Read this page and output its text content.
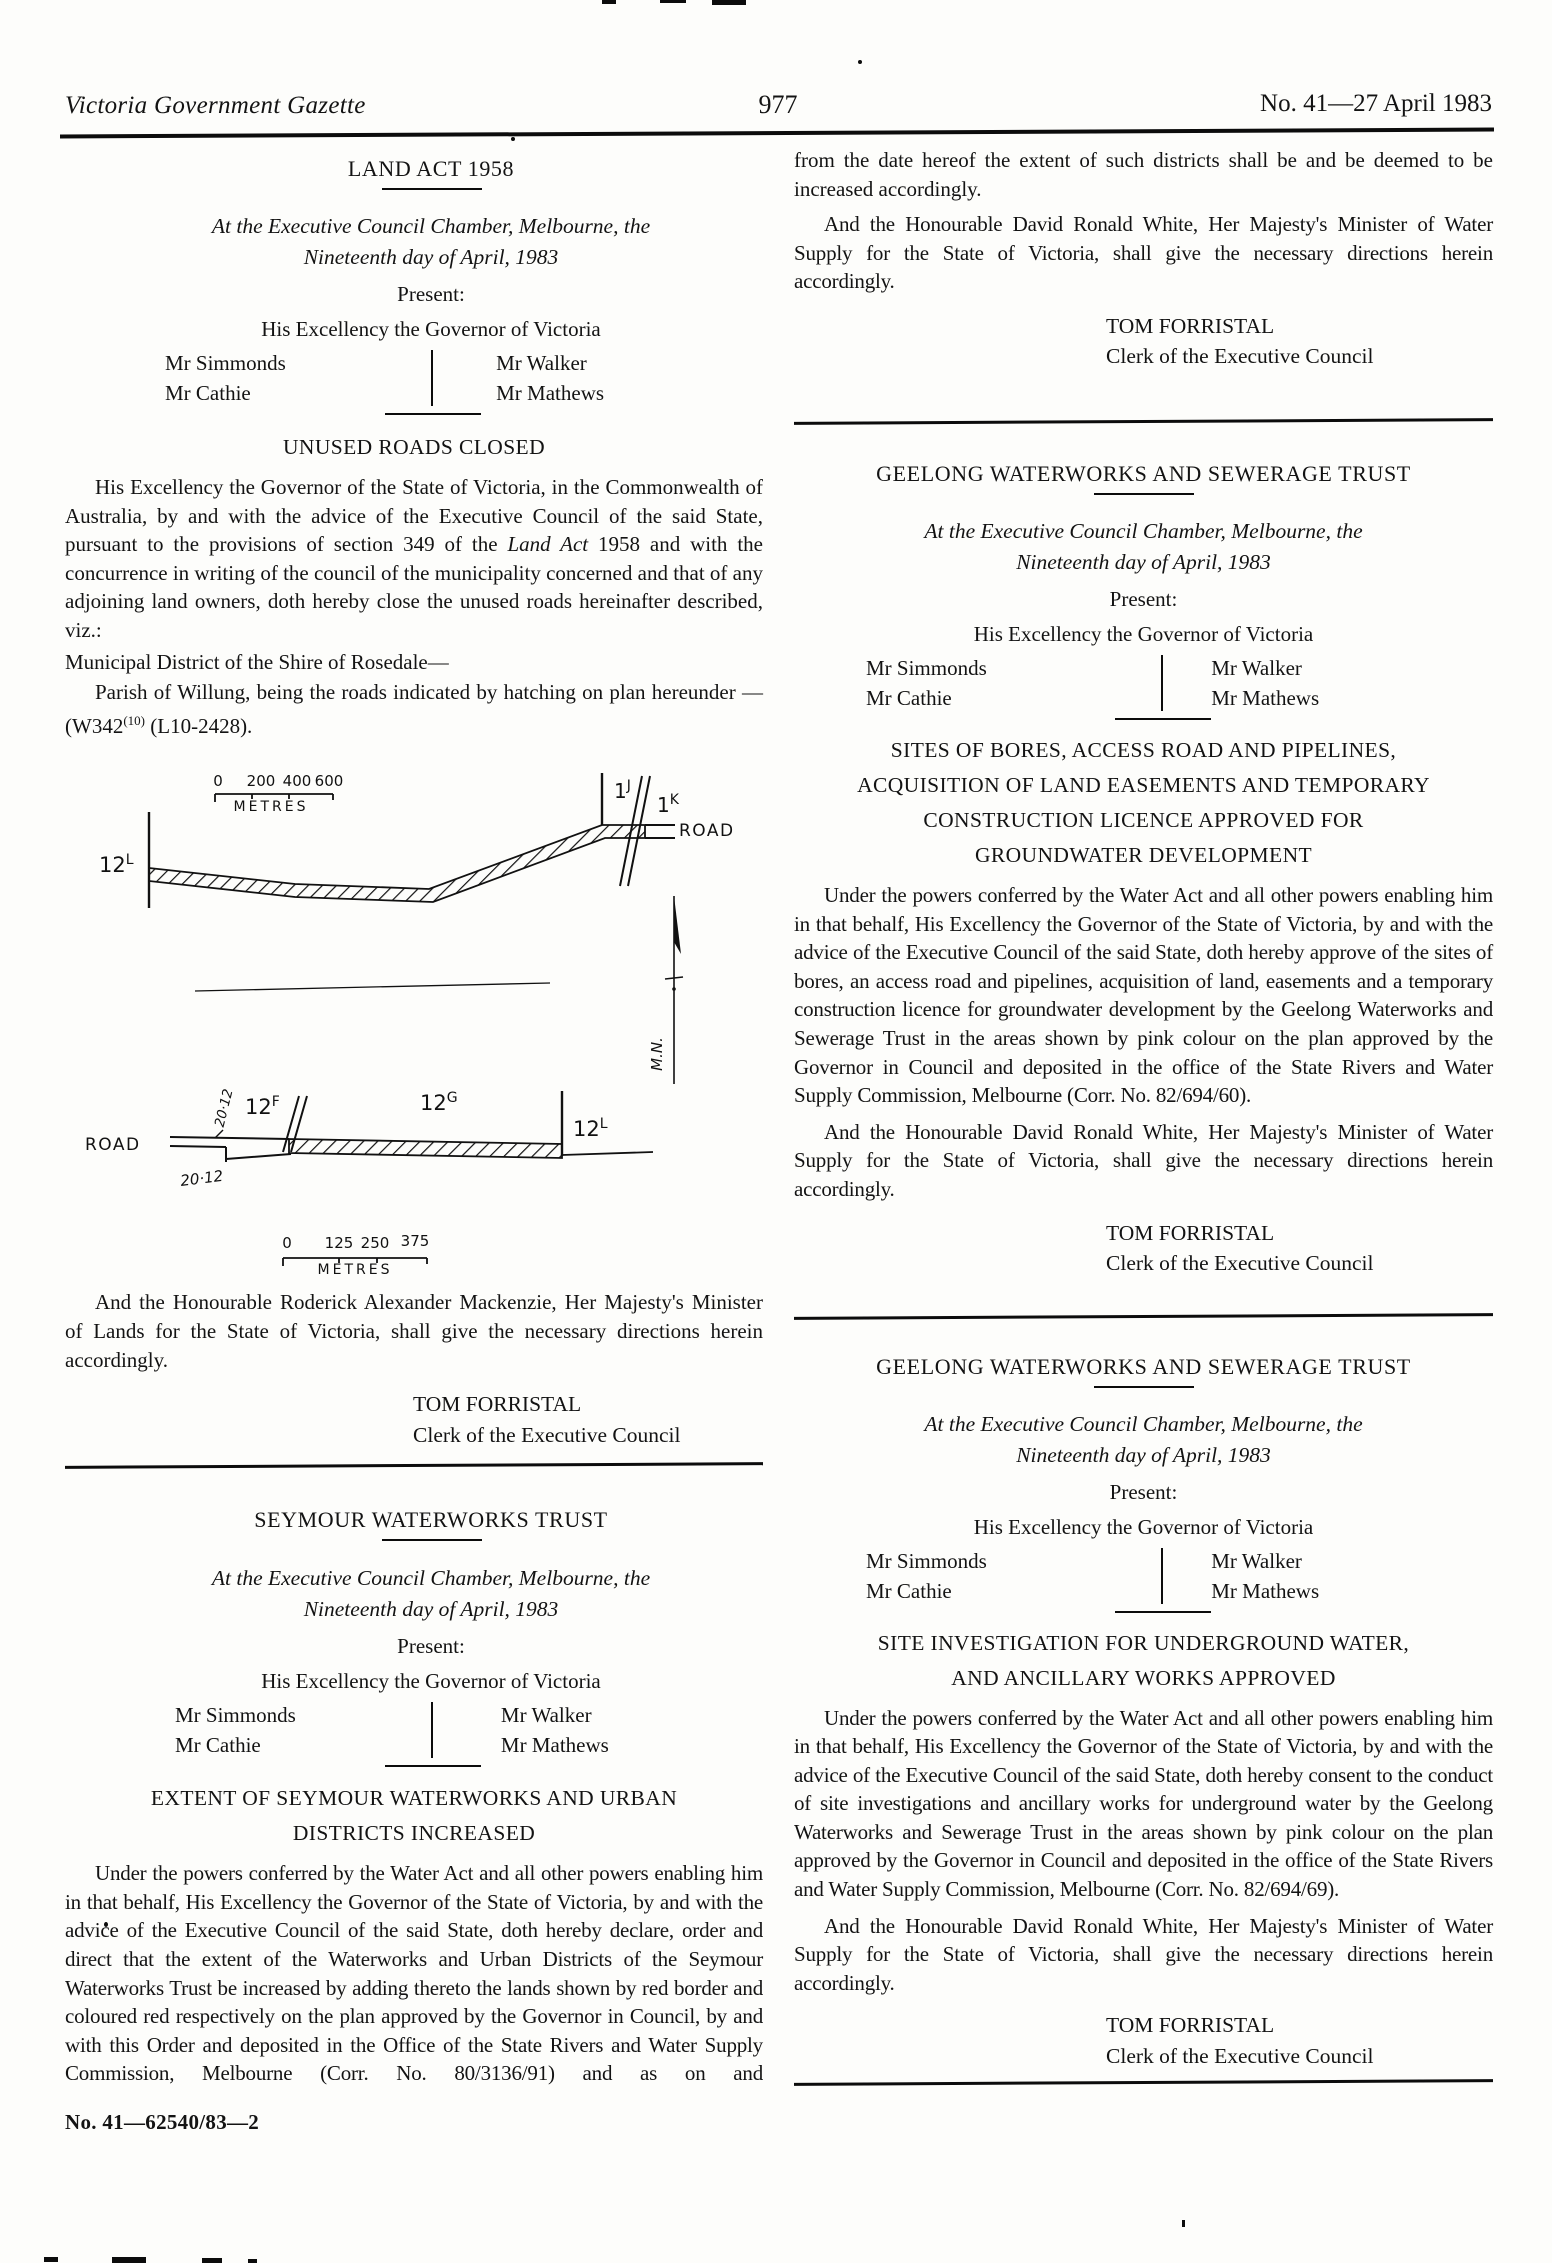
Victoria Government Gazette	977	No. 41—27 April 1983
LAND ACT 1958
At the Executive Council Chamber, Melbourne, the
Nineteenth day of April, 1983
Present:
His Excellency the Governor of Victoria
Mr Simmonds
Mr Cathie
Mr Walker
Mr Mathews
UNUSED ROADS CLOSED

His Excellency the Governor of the State of Victoria, in the Commonwealth of Australia, by and with the advice of the Executive Council of the said State, pursuant to the provisions of section 349 of the Land Act 1958 and with the concurrence in writing of the council of the municipality concerned and that of any adjoining land owners, doth hereby close the unused roads hereinafter described, viz.:

Municipal District of the Shire of Rosedale—

Parish of Willung, being the roads indicated by hatching on plan hereunder — (W342$^{(10)}$ (L10-2428).

0 200 400 600
METRES
$12^L$
$1^J$
$1^K$
ROAD
M.N.
ROAD
$12^F$	$12^G$
$12^L$
20·12
20·12
0 125 250 375
METRES

And the Honourable Roderick Alexander Mackenzie, Her Majesty's Minister of Lands for the State of Victoria, shall give the necessary directions herein accordingly.

TOM FORRISTAL
Clerk of the Executive Council
SEYMOUR WATERWORKS TRUST
At the Executive Council Chamber, Melbourne, the
Nineteenth day of April, 1983
Present:
His Excellency the Governor of Victoria
Mr Simmonds
Mr Cathie
Mr Walker
Mr Mathews
EXTENT OF SEYMOUR WATERWORKS AND URBAN
DISTRICTS INCREASED

Under the powers conferred by the Water Act and all other powers enabling him in that behalf, His Excellency the Governor of the State of Victoria, by and with the advice of the Executive Council of the said State, doth hereby declare, order and direct that the extent of the Waterworks and Urban Districts of the Seymour Waterworks Trust be increased by adding thereto the lands shown by red border and coloured red respectively on the plan approved by the Governor in Council, by and with this Order and deposited in the Office of the State Rivers and Water Supply Commission, Melbourne (Corr. No. 80/3136/91) and as on and

No. 41—62540/83—2

from the date hereof the extent of such districts shall be and be deemed to be increased accordingly.

And the Honourable David Ronald White, Her Majesty's Minister of Water Supply for the State of Victoria, shall give the necessary directions herein accordingly.

TOM FORRISTAL
Clerk of the Executive Council
GEELONG WATERWORKS AND SEWERAGE TRUST
At the Executive Council Chamber, Melbourne, the
Nineteenth day of April, 1983
Present:
His Excellency the Governor of Victoria
Mr Simmonds
Mr Cathie
Mr Walker
Mr Mathews
SITES OF BORES, ACCESS ROAD AND PIPELINES,
ACQUISITION OF LAND EASEMENTS AND TEMPORARY
CONSTRUCTION LICENCE APPROVED FOR
GROUNDWATER DEVELOPMENT

Under the powers conferred by the Water Act and all other powers enabling him in that behalf, His Excellency the Governor of the State of Victoria, by and with the advice of the Executive Council of the said State, doth hereby approve of the sites of bores, an access road and pipelines, acquisition of land, easements and a temporary construction licence for groundwater development by the Geelong Waterworks and Sewerage Trust in the areas shown by pink colour on the plan approved by the Governor in Council and deposited in the office of the State Rivers and Water Supply Commission, Melbourne (Corr. No. 82/694/60).

And the Honourable David Ronald White, Her Majesty's Minister of Water Supply for the State of Victoria, shall give the necessary directions herein accordingly.

TOM FORRISTAL
Clerk of the Executive Council
GEELONG WATERWORKS AND SEWERAGE TRUST
At the Executive Council Chamber, Melbourne, the
Nineteenth day of April, 1983
Present:
His Excellency the Governor of Victoria
Mr Simmonds
Mr Cathie
Mr Walker
Mr Mathews
SITE INVESTIGATION FOR UNDERGROUND WATER,
AND ANCILLARY WORKS APPROVED

Under the powers conferred by the Water Act and all other powers enabling him in that behalf, His Excellency the Governor of the State of Victoria, by and with the advice of the Executive Council of the said State, doth hereby consent to the conduct of site investigations and ancillary works for underground water by the Geelong Waterworks and Sewerage Trust in the areas shown by pink colour on the plan approved by the Governor in Council and deposited in the office of the State Rivers and Water Supply Commission, Melbourne (Corr. No. 82/694/69).

And the Honourable David Ronald White, Her Majesty's Minister of Water Supply for the State of Victoria, shall give the necessary directions herein accordingly.

TOM FORRISTAL
Clerk of the Executive Council
